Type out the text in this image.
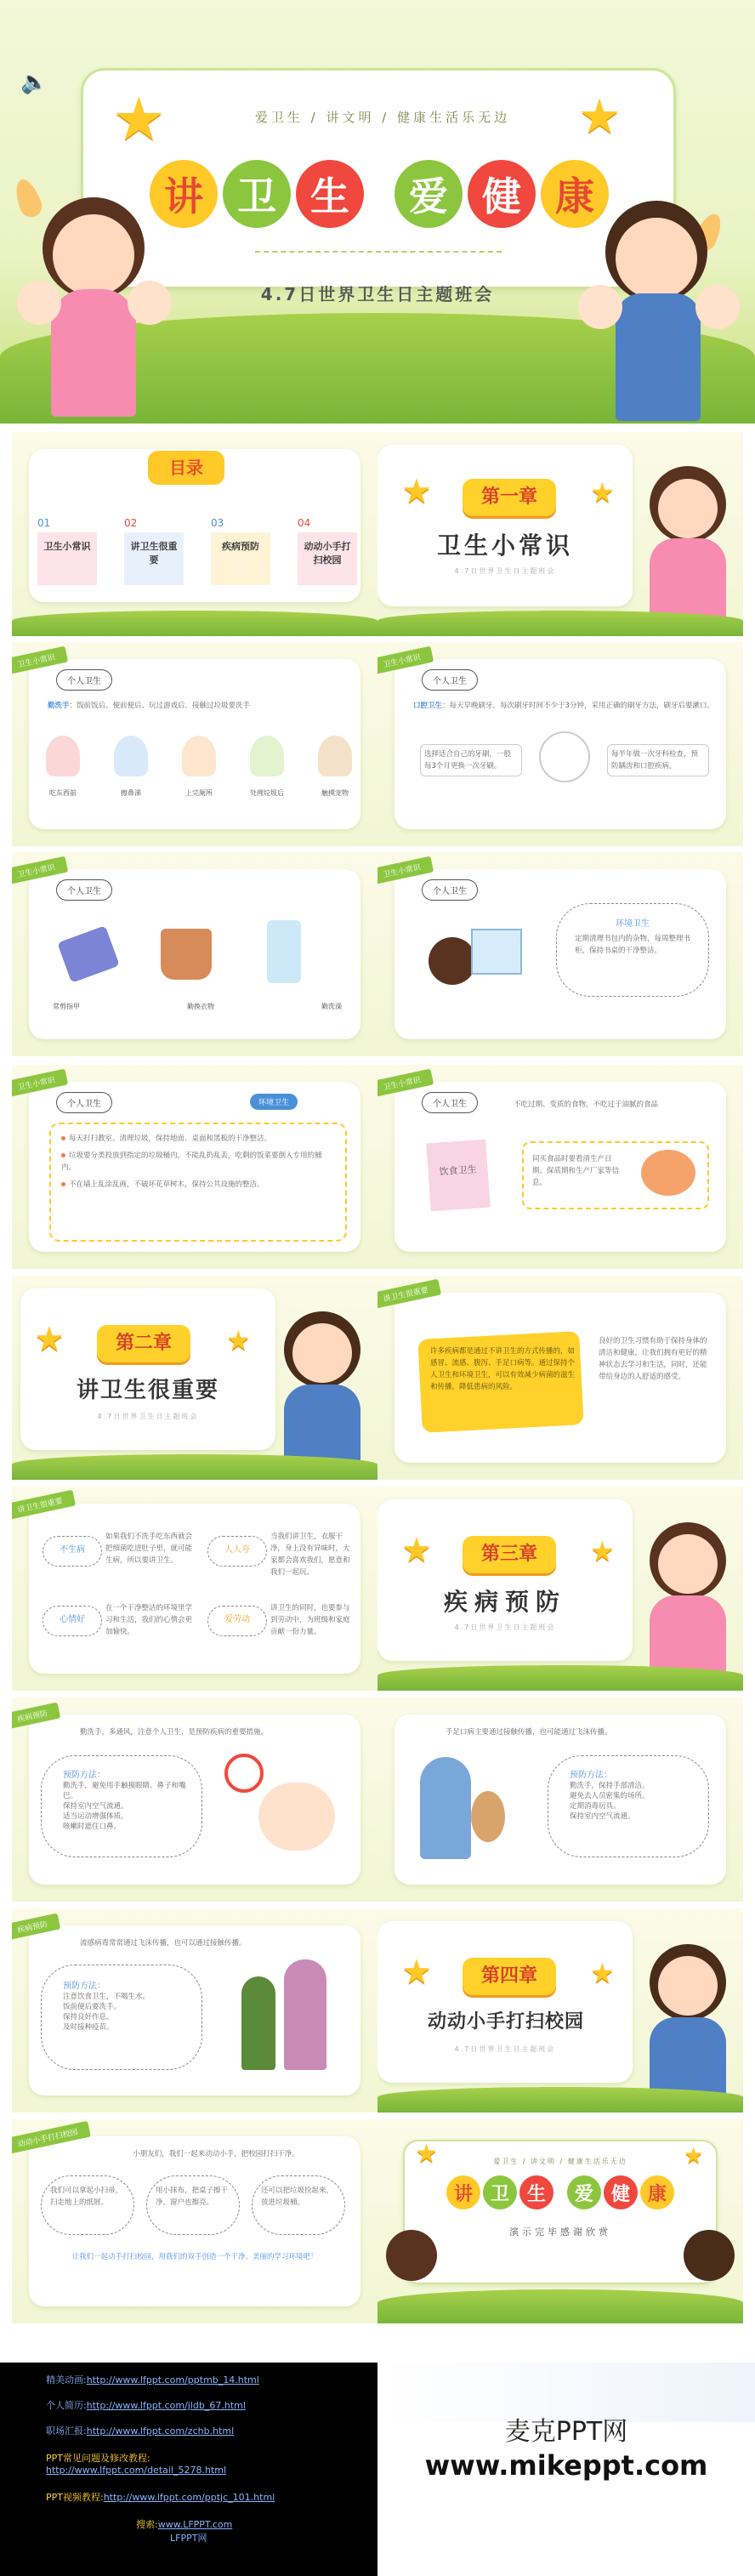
🔈
★	★
爱卫生 / 讲文明 / 健康生活乐无边
讲 卫 生	爱 健 康
4.7日世界卫生日主题班会
目录
01
卫生小常识
02
讲卫生很重要
03
疾病预防
04
动动小手打扫校园
★	★
第一章
卫生小常识
4.7日世界卫生日主题班会
卫生小常识
个人卫生
勤洗手：饭前饭后、便前便后、玩过游戏后、接触过垃圾要洗手
吃东西前	擦鼻涕	上完厕所	处理垃圾后	触摸宠物
卫生小常识
个人卫生
口腔卫生：每天早晚刷牙，每次刷牙时间不少于3分钟，采用正确的刷牙方法，刷牙后要漱口。
选择适合自己的牙刷，一般每3个月更换一次牙刷。
每半年做一次牙科检查，预防龋齿和口腔疾病。
卫生小常识
个人卫生
常剪指甲	勤换衣物	勤洗澡
卫生小常识
个人卫生
环境卫生
定期清理书包内的杂物，每周整理书柜，保持书桌的干净整洁。
卫生小常识
个人卫生	环境卫生
每天打扫教室、清理垃圾，保持地面、桌面和黑板的干净整洁。
垃圾要分类投放到指定的垃圾桶内，不能乱扔乱丢，吃剩的饭菜要倒入专用的桶内。
不在墙上乱涂乱画，不破坏花草树木，保持公共设施的整洁。
卫生小常识
个人卫生	不吃过期、变质的食物，不吃过于油腻的食品
饮食卫生
同买食品时要看清生产日期、保质期和生产厂家等信息。
★	★
第二章
讲卫生很重要
4.7日世界卫生日主题班会
讲卫生很重要
许多疾病都是通过不讲卫生的方式传播的，如感冒、流感、腹泻、手足口病等。通过保持个人卫生和环境卫生，可以有效减少病菌的滋生和传播，降低患病的风险。
良好的卫生习惯有助于保持身体的清洁和健康，让我们拥有更好的精神状态去学习和生活，同时，还能带给身边的人舒适的感受。
讲卫生很重要
不生病
如果我们不洗手吃东西就会把细菌吃进肚子里，就可能生病，所以要讲卫生。
人人夸
当我们讲卫生，衣服干净，身上没有异味时，大家都会喜欢我们，愿意和我们一起玩。
心情好
在一个干净整洁的环境里学习和生活，我们的心情会更加愉快。
爱劳动
讲卫生的同时，也要参与到劳动中，为班级和家庭贡献一份力量。
★	★
第三章
疾病预防
4.7日世界卫生日主题班会
疾病预防
勤洗手，多通风，注意个人卫生，是预防疾病的重要措施。
预防方法：
勤洗手，避免用手触摸眼睛、鼻子和嘴巴。
保持室内空气流通。
适当运动增强体质。
咳嗽时遮住口鼻。
手足口病主要通过接触传播，也可能通过飞沫传播。
预防方法：
勤洗手，保持手部清洁。
避免去人员密集的场所。
定期消毒玩具。
保持室内空气流通。
疾病预防
流感病毒常常通过飞沫传播，也可以通过接触传播。
预防方法：
注意饮食卫生，不喝生水。
饭前便后要洗手。
保持良好作息。
及时接种疫苗。
★	★
第四章
动动小手打扫校园
4.7日世界卫生日主题班会
动动小手打扫校园
小朋友们，我们一起来动动小手，把校园打扫干净。
我们可以拿起小扫帚，扫走地上的纸屑。
用小抹布，把桌子擦干净，窗户也擦亮。
还可以把垃圾捡起来，放进垃圾桶。
让我们一起动手打扫校园，用我们的双手创造一个干净、美丽的学习环境吧！
★	★
爱卫生 / 讲文明 / 健康生活乐无边
讲 卫 生	爱 健 康
演示完毕感谢欣赏
精美动画:http://www.lfppt.com/pptmb_14.html
个人简历:http://www.lfppt.com/jldb_67.html
职场汇报:http://www.lfppt.com/zchb.html
PPT常见问题及修改教程:
http://www.lfppt.com/detail_5278.html
PPT视频教程:http://www.lfppt.com/pptjc_101.html
搜索:www.LFPPT.com
LFPPT网
麦克PPT网
www.mikeppt.com
